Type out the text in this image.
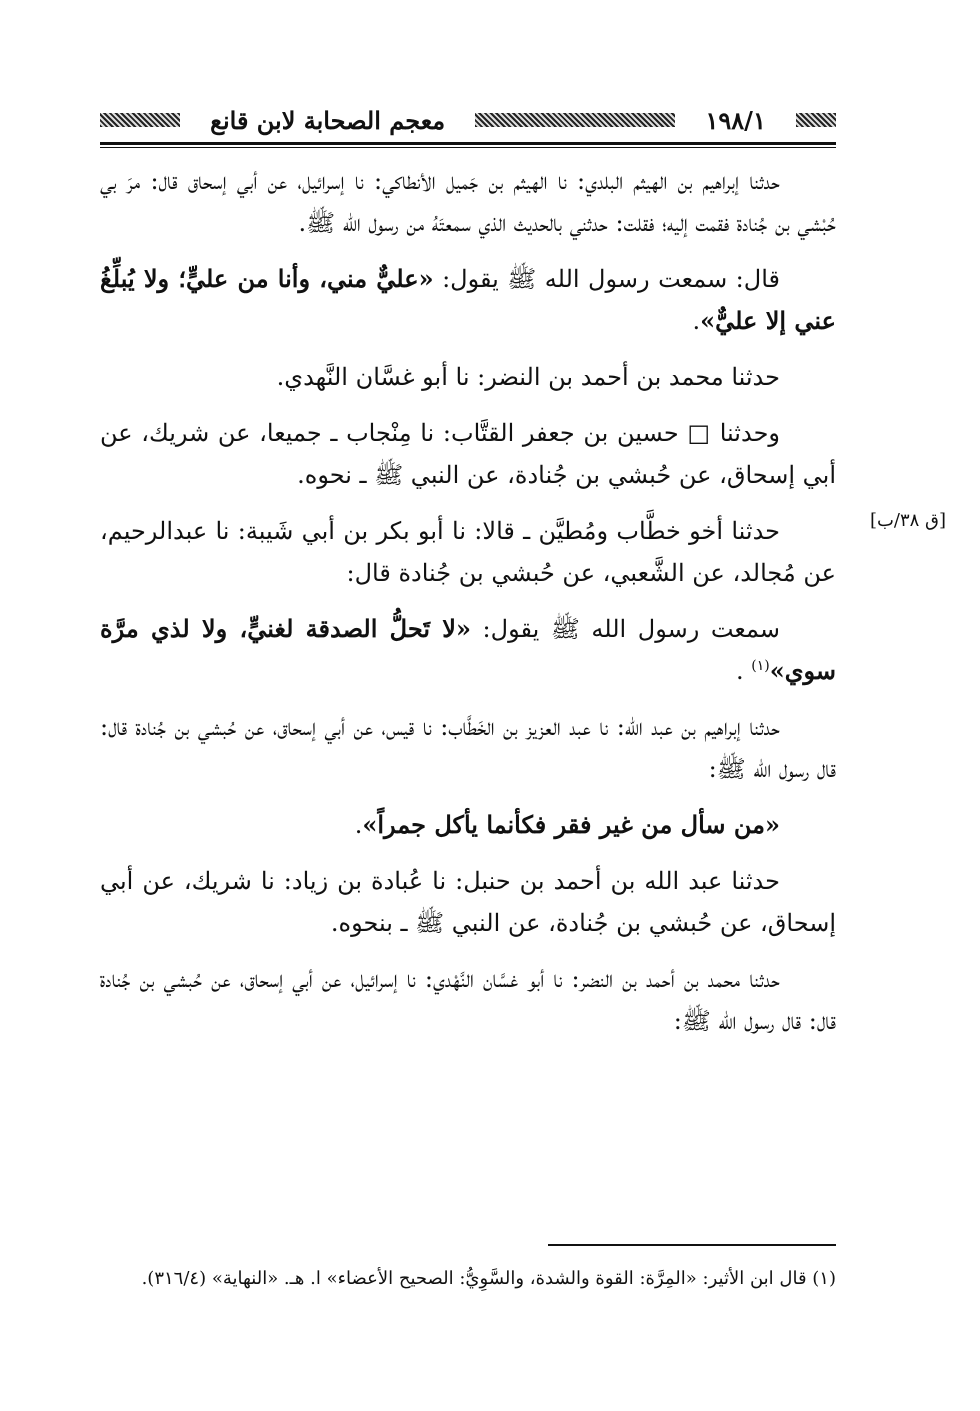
١٩٨/١
معجم الصحابة لابن قانع
[ق ٣٨/ب]

حدثنا إبراهيم بن الهيثم البلدي: نا الهيثم بن جَميل الأنطاكي: نا إسرائيل، عن أبي إسحاق قال: مرَ بي حُبْشي بن جُنادة فقمت إليه؛ فقلت: حدثني بالحديث الذي سمعتَهُ من رسول الله ﷺ.

قال: سمعت رسول الله ﷺ يقول: «عليٌّ مني، وأنا من عليٍّ؛ ولا يُبلِّغُ عني إلا عليٌّ».

حدثنا محمد بن أحمد بن النضر: نا أبو غسَّان النَّهدي.

وحدثنا □ حسين بن جعفر القتَّاب: نا مِنْجاب ـ جميعا، عن شريك، عن أبي إسحاق، عن حُبشي بن جُنادة، عن النبي ﷺ ـ نحوه.

حدثنا أخو خطَّاب ومُطيَّن ـ قالا: نا أبو بكر بن أبي شَيبة: نا عبدالرحيم، عن مُجالد، عن الشَّعبي، عن حُبشي بن جُنادة قال:

سمعت رسول الله ﷺ يقول: «لا تَحلُّ الصدقة لغنيٍّ، ولا لذي مرَّة سوي»$^{(١)}$ .

حدثنا إبراهيم بن عبد الله: نا عبد العزيز بن الخَطَّاب: نا قيس، عن أبي إسحاق، عن حُبشي بن جُنادة قال: قال رسول الله ﷺ:

«من سأل من غير فقر فكأنما يأكل جمراً».

حدثنا عبد الله بن أحمد بن حنبل: نا عُبادة بن زياد: نا شريك، عن أبي إسحاق، عن حُبشي بن جُنادة، عن النبي ﷺ ـ بنحوه.

حدثنا محمد بن أحمد بن النضر: نا أبو غسَّان النَّهْدي: نا إسرائيل، عن أبي إسحاق، عن حُبشي بن جُنادة قال: قال رسول الله ﷺ:

(١) قال ابن الأثير: «المِرَّة: القوة والشدة، والسَّوِيُّ: الصحيح الأعضاء» ا. هـ. «النهاية» (٣١٦/٤).
